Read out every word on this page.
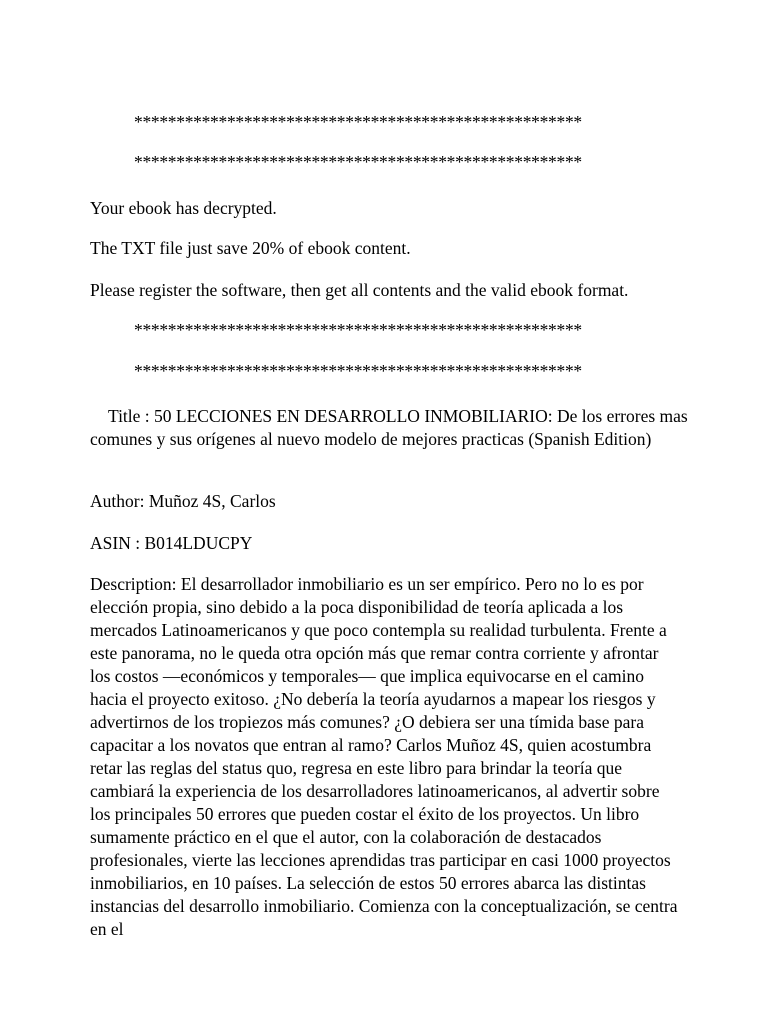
*****************************************************
*****************************************************
Your ebook has decrypted.
The TXT file just save 20% of ebook content.
Please register the software, then get all contents and the valid ebook format.
*****************************************************
*****************************************************
Title : 50 LECCIONES EN DESARROLLO INMOBILIARIO: De los errores mas comunes y sus orígenes al nuevo modelo de mejores practicas (Spanish Edition)
Author: Muñoz 4S, Carlos
ASIN : B014LDUCPY
Description: El desarrollador inmobiliario es un ser empírico. Pero no lo es por elección propia, sino debido a la poca disponibilidad de teoría aplicada a los mercados Latinoamericanos y que poco contempla su realidad turbulenta. Frente a este panorama, no le queda otra opción más que remar contra corriente y afrontar los costos —económicos y temporales— que implica equivocarse en el camino hacia el proyecto exitoso. ¿No debería la teoría ayudarnos a mapear los riesgos y advertirnos de los tropiezos más comunes? ¿O debiera ser una tímida base para capacitar a los novatos que entran al ramo? Carlos Muñoz 4S, quien acostumbra retar las reglas del status quo, regresa en este libro para brindar la teoría que cambiará la experiencia de los desarrolladores latinoamericanos, al advertir sobre los principales 50 errores que pueden costar el éxito de los proyectos. Un libro sumamente práctico en el que el autor, con la colaboración de destacados profesionales, vierte las lecciones aprendidas tras participar en casi 1000 proyectos inmobiliarios, en 10 países. La selección de estos 50 errores abarca las distintas instancias del desarrollo inmobiliario. Comienza con la conceptualización, se centra en el
